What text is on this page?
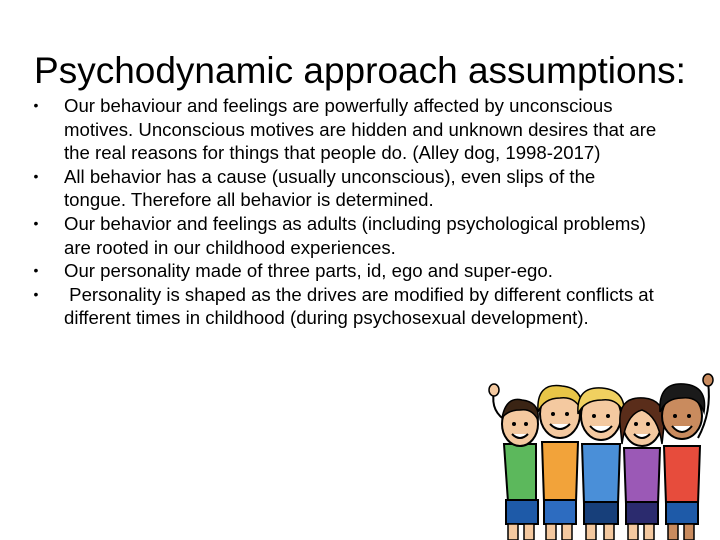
Psychodynamic approach assumptions:
• Our behaviour and feelings are powerfully affected by unconscious motives. Unconscious motives are hidden and unknown desires that are the real reasons for things that people do. (Alley dog, 1998-2017)
• All behavior has a cause (usually unconscious), even slips of the tongue. Therefore all behavior is determined.
• Our behavior and feelings as adults (including psychological problems) are rooted in our childhood experiences.
• Our personality made of three parts, id, ego and super-ego.
• Personality is shaped as the drives are modified by different conflicts at different times in childhood (during psychosexual development).
